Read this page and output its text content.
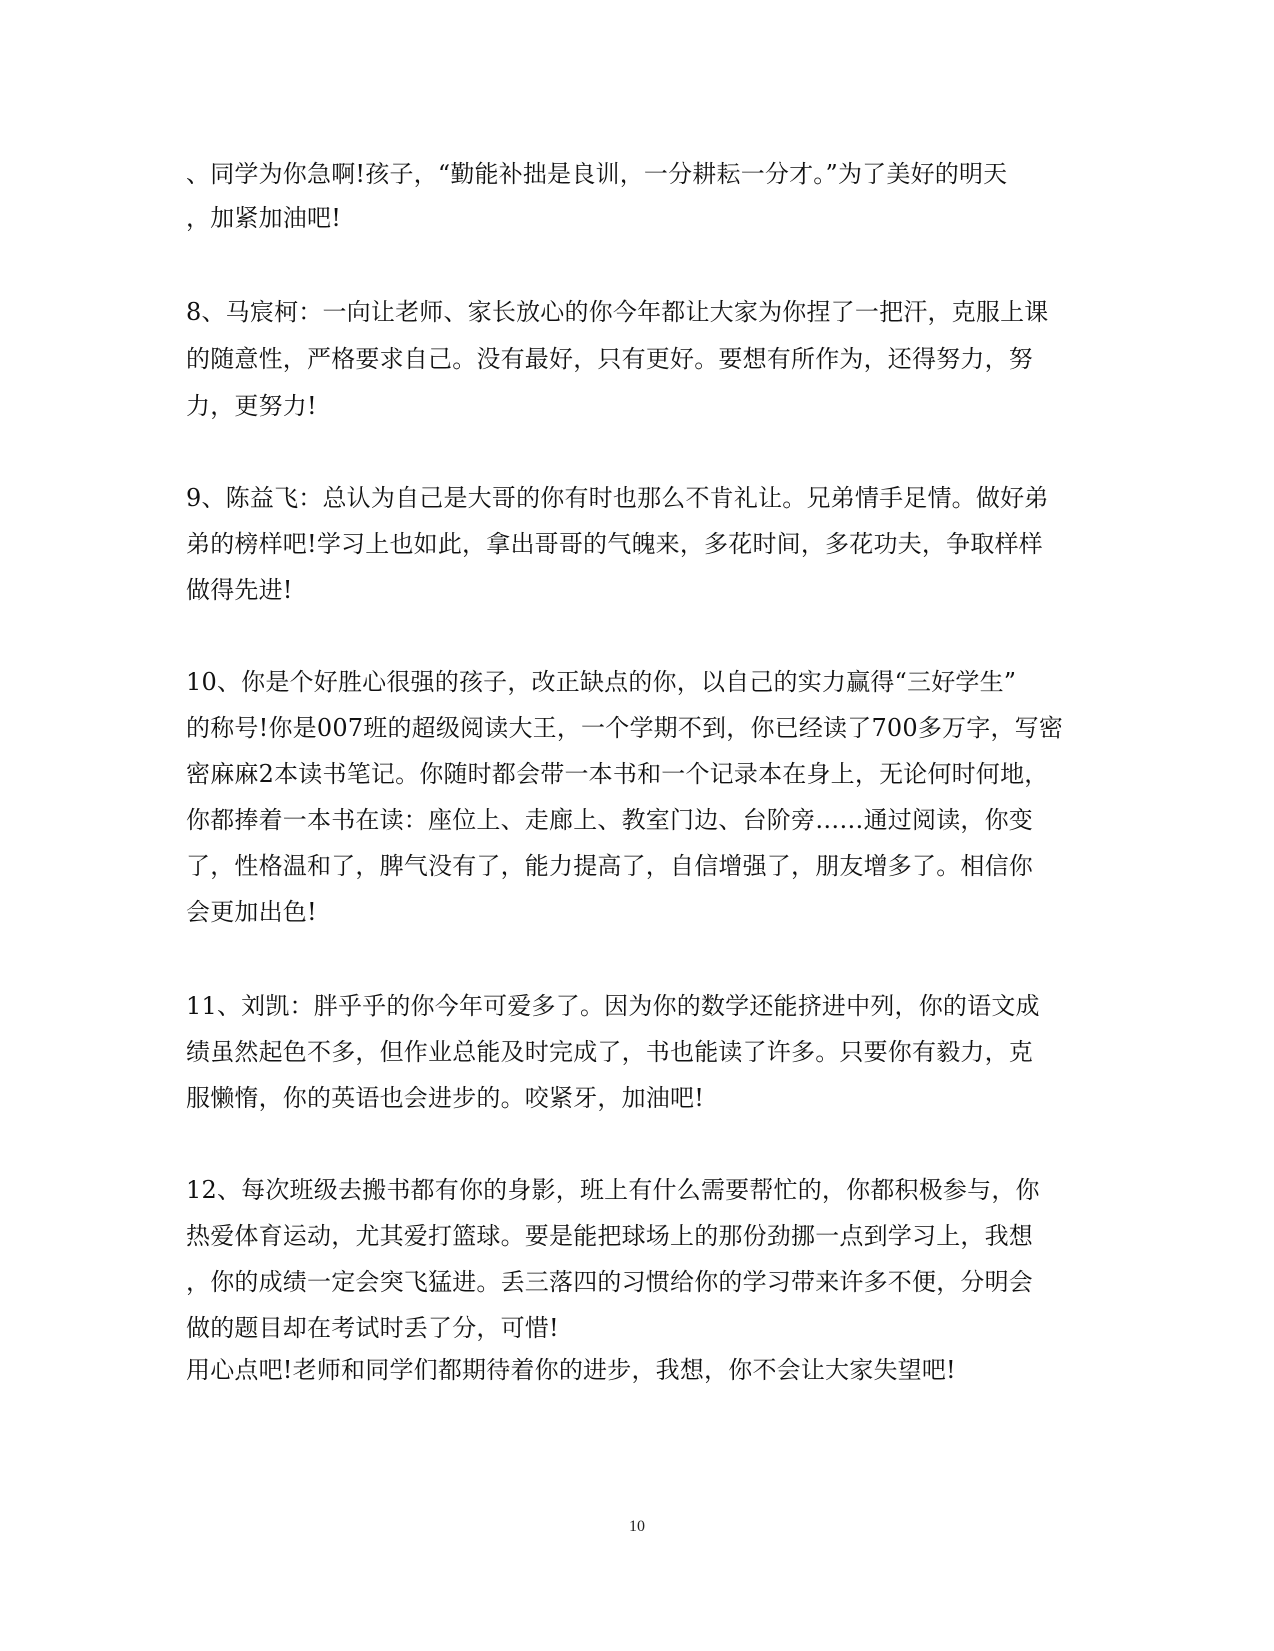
、同学为你急啊!孩子，“勤能补拙是良训，一分耕耘一分才。”为了美好的明天
，加紧加油吧!
8、马宸柯：一向让老师、家长放心的你今年都让大家为你捏了一把汗，克服上课
的随意性，严格要求自己。没有最好，只有更好。要想有所作为，还得努力，努
力，更努力!
9、陈益飞：总认为自己是大哥的你有时也那么不肯礼让。兄弟情手足情。做好弟
弟的榜样吧!学习上也如此，拿出哥哥的气魄来，多花时间，多花功夫，争取样样
做得先进!
10、你是个好胜心很强的孩子，改正缺点的你，以自己的实力赢得“三好学生”
的称号!你是007班的超级阅读大王，一个学期不到，你已经读了700多万字，写密
密麻麻2本读书笔记。你随时都会带一本书和一个记录本在身上，无论何时何地，
你都捧着一本书在读：座位上、走廊上、教室门边、台阶旁……通过阅读，你变
了，性格温和了，脾气没有了，能力提高了，自信增强了，朋友增多了。相信你
会更加出色!
11、刘凯：胖乎乎的你今年可爱多了。因为你的数学还能挤进中列，你的语文成
绩虽然起色不多，但作业总能及时完成了，书也能读了许多。只要你有毅力，克
服懒惰，你的英语也会进步的。咬紧牙，加油吧!
12、每次班级去搬书都有你的身影，班上有什么需要帮忙的，你都积极参与，你
热爱体育运动，尤其爱打篮球。要是能把球场上的那份劲挪一点到学习上，我想
，你的成绩一定会突飞猛进。丢三落四的习惯给你的学习带来许多不便，分明会
做的题目却在考试时丢了分，可惜!
用心点吧!老师和同学们都期待着你的进步，我想，你不会让大家失望吧!
10
